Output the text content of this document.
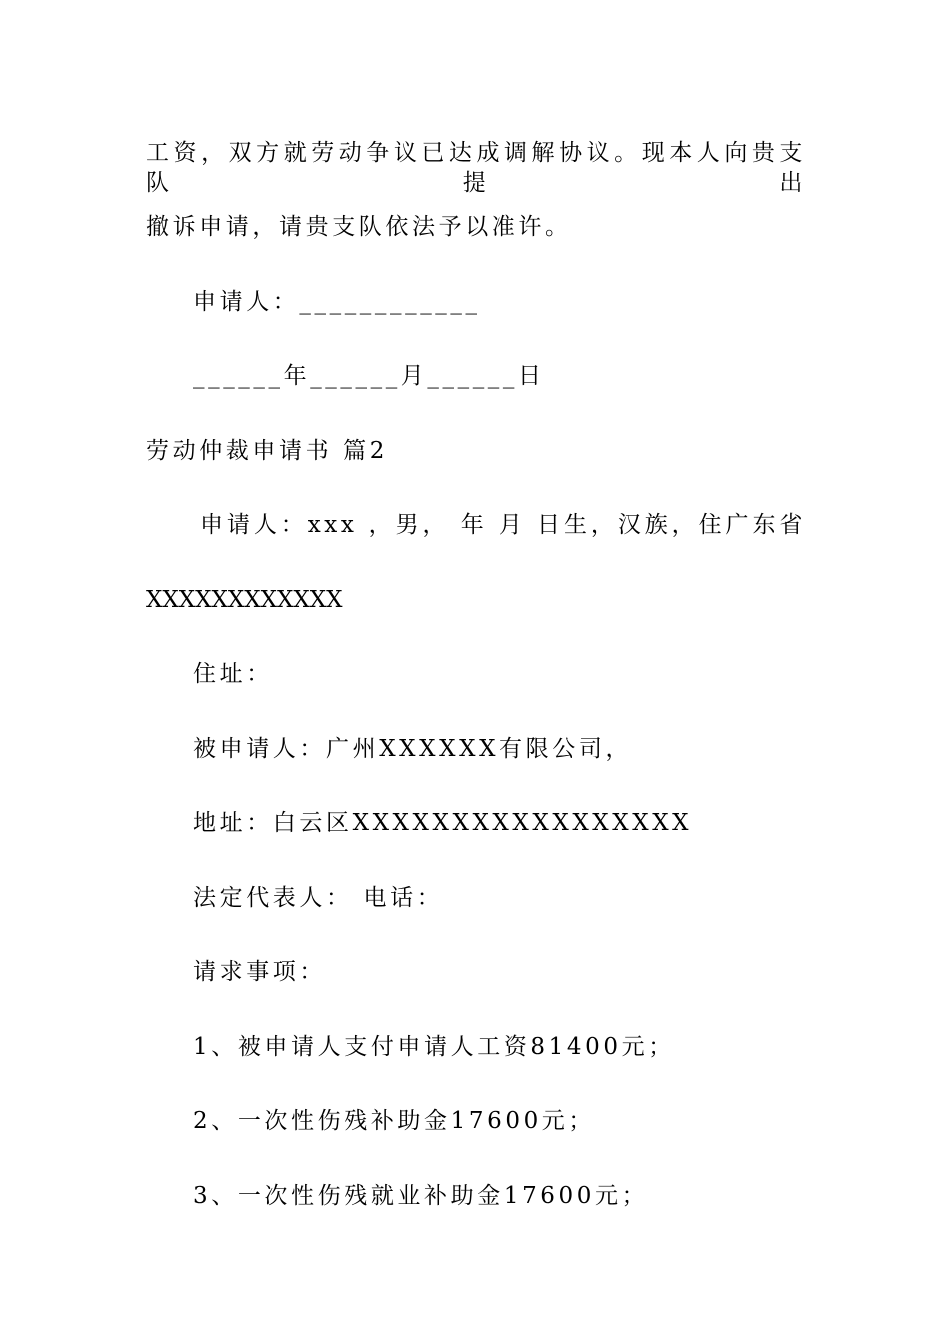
工资，双方就劳动争议已达成调解协议。现本人向贵支队提出
撤诉申请，请贵支队依法予以准许。
申请人：____________
______年______月______日
劳动仲裁申请书 篇2
申请人：xxx ，男， 年 月 日生，汉族，住广东省
XXXXXXXXXXXX
住址：
被申请人：广州XXXXXX有限公司，
地址：白云区XXXXXXXXXXXXXXXXX
法定代表人： 电话：
请求事项：
1、被申请人支付申请人工资81400元；
2、一次性伤残补助金17600元；
3、一次性伤残就业补助金17600元；
